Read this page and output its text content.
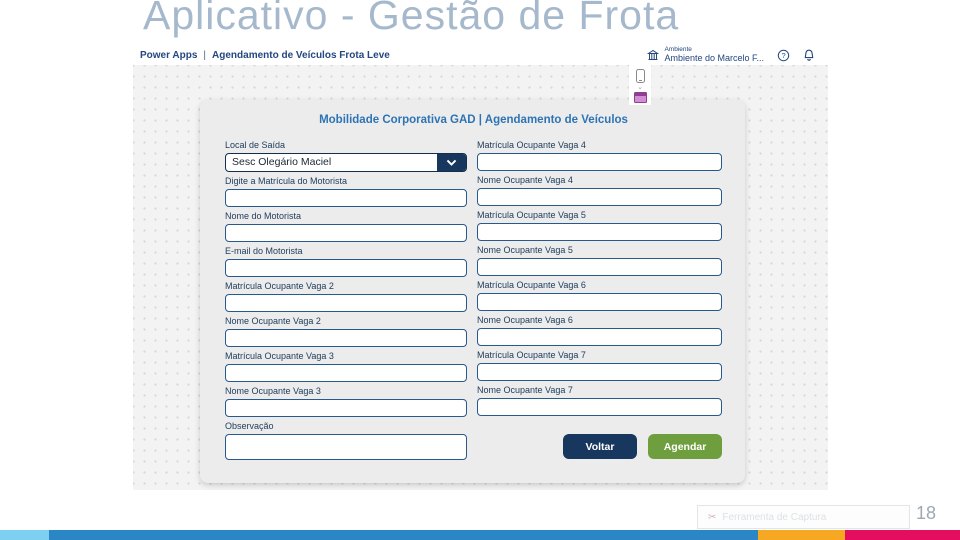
Aplicativo - Gestão de Frota
Power Apps | Agendamento de Veículos Frota Leve
Ambiente
Ambiente do Marcelo F... ?
⌄
Mobilidade Corporativa GAD | Agendamento de Veículos
Local de Saída
Sesc Olegário Maciel
Digite a Matrícula do Motorista
Nome do Motorista
E-mail do Motorista
Matrícula Ocupante Vaga 2
Nome Ocupante Vaga 2
Matrícula Ocupante Vaga 3
Nome Ocupante Vaga 3
Observação
Matrícula Ocupante Vaga 4
Nome Ocupante Vaga 4
Matrícula Ocupante Vaga 5
Nome Ocupante Vaga 5
Matrícula Ocupante Vaga 6
Nome Ocupante Vaga 6
Matrícula Ocupante Vaga 7
Nome Ocupante Vaga 7
Voltar	Agendar
✂ Ferramenta de Captura	18
